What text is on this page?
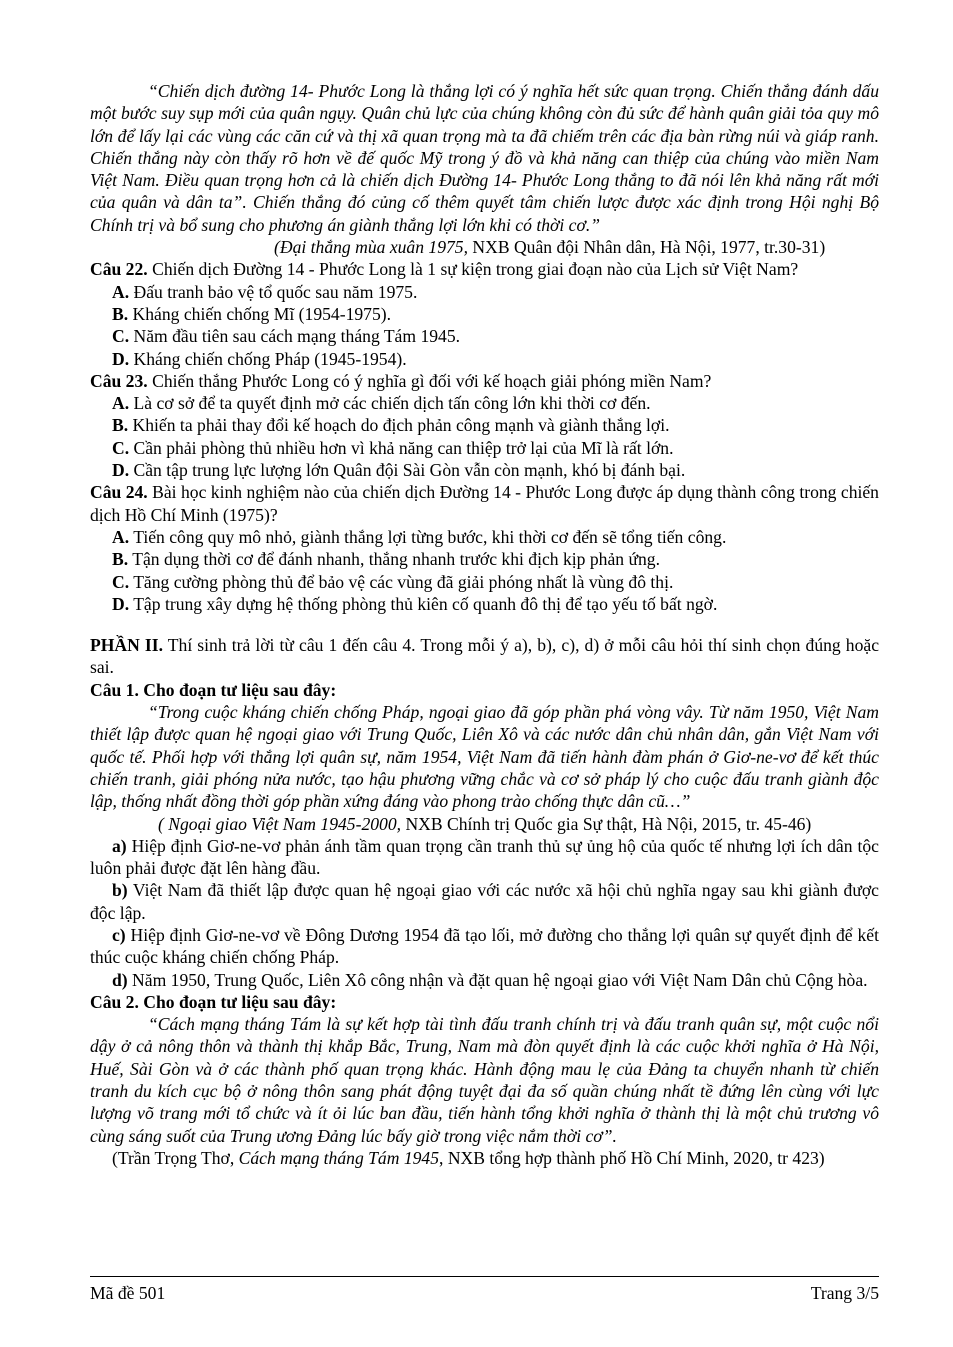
“Chiến dịch đường 14- Phước Long là thắng lợi có ý nghĩa hết sức quan trọng. Chiến thắng đánh dấu một bước suy sụp mới của quân ngụy. Quân chủ lực của chúng không còn đủ sức để hành quân giải tỏa quy mô lớn để lấy lại các vùng các căn cứ và thị xã quan trọng mà ta đã chiếm trên các địa bàn rừng núi và giáp ranh. Chiến thắng này còn thấy rõ hơn về đế quốc Mỹ trong ý đồ và khả năng can thiệp của chúng vào miền Nam Việt Nam. Điều quan trọng hơn cả là chiến dịch Đường 14- Phước Long thắng to đã nói lên khả năng rất mới của quân và dân ta”. Chiến thắng đó củng cố thêm quyết tâm chiến lược được xác định trong Hội nghị Bộ Chính trị và bổ sung cho phương án giành thắng lợi lớn khi có thời cơ.”

(Đại thắng mùa xuân 1975, NXB Quân đội Nhân dân, Hà Nội, 1977, tr.30-31)

Câu 22. Chiến dịch Đường 14 - Phước Long là 1 sự kiện trong giai đoạn nào của Lịch sử Việt Nam?

A. Đấu tranh bảo vệ tổ quốc sau năm 1975.

B. Kháng chiến chống Mĩ (1954-1975).

C. Năm đầu tiên sau cách mạng tháng Tám 1945.

D. Kháng chiến chống Pháp (1945-1954).

Câu 23. Chiến thắng Phước Long có ý nghĩa gì đối với kế hoạch giải phóng miền Nam?

A. Là cơ sở để ta quyết định mở các chiến dịch tấn công lớn khi thời cơ đến.

B. Khiến ta phải thay đổi kế hoạch do địch phản công mạnh và giành thắng lợi.

C. Cần phải phòng thủ nhiều hơn vì khả năng can thiệp trở lại của Mĩ là rất lớn.

D. Cần tập trung lực lượng lớn Quân đội Sài Gòn vẫn còn mạnh, khó bị đánh bại.

Câu 24. Bài học kinh nghiệm nào của chiến dịch Đường 14 - Phước Long được áp dụng thành công trong chiến dịch Hồ Chí Minh (1975)?

A. Tiến công quy mô nhỏ, giành thắng lợi từng bước, khi thời cơ đến sẽ tổng tiến công.

B. Tận dụng thời cơ để đánh nhanh, thắng nhanh trước khi địch kịp phản ứng.

C. Tăng cường phòng thủ để bảo vệ các vùng đã giải phóng nhất là vùng đô thị.

D. Tập trung xây dựng hệ thống phòng thủ kiên cố quanh đô thị để tạo yếu tố bất ngờ.

PHẦN II. Thí sinh trả lời từ câu 1 đến câu 4. Trong mỗi ý a), b), c), d) ở mỗi câu hỏi thí sinh chọn đúng hoặc sai.

Câu 1. Cho đoạn tư liệu sau đây:

“Trong cuộc kháng chiến chống Pháp, ngoại giao đã góp phần phá vòng vây. Từ năm 1950, Việt Nam thiết lập được quan hệ ngoại giao với Trung Quốc, Liên Xô và các nước dân chủ nhân dân, gắn Việt Nam với quốc tế. Phối hợp với thắng lợi quân sự, năm 1954, Việt Nam đã tiến hành đàm phán ở Giơ-ne-vơ để kết thúc chiến tranh, giải phóng nửa nước, tạo hậu phương vững chắc và cơ sở pháp lý cho cuộc đấu tranh giành độc lập, thống nhất đồng thời góp phần xứng đáng vào phong trào chống thực dân cũ…”

( Ngoại giao Việt Nam 1945-2000, NXB Chính trị Quốc gia Sự thật, Hà Nội, 2015, tr. 45-46)

a) Hiệp định Giơ-ne-vơ phản ánh tầm quan trọng cần tranh thủ sự ủng hộ của quốc tế nhưng lợi ích dân tộc luôn phải được đặt lên hàng đầu.

b) Việt Nam đã thiết lập được quan hệ ngoại giao với các nước xã hội chủ nghĩa ngay sau khi giành được độc lập.

c) Hiệp định Giơ-ne-vơ về Đông Dương 1954 đã tạo lối, mở đường cho thắng lợi quân sự quyết định để kết thúc cuộc kháng chiến chống Pháp.

d) Năm 1950, Trung Quốc, Liên Xô công nhận và đặt quan hệ ngoại giao với Việt Nam Dân chủ Cộng hòa.

Câu 2. Cho đoạn tư liệu sau đây:

“Cách mạng tháng Tám là sự kết hợp tài tình đấu tranh chính trị và đấu tranh quân sự, một cuộc nổi dậy ở cả nông thôn và thành thị khắp Bắc, Trung, Nam mà đòn quyết định là các cuộc khởi nghĩa ở Hà Nội, Huế, Sài Gòn và ở các thành phố quan trọng khác. Hành động mau lẹ của Đảng ta chuyển nhanh từ chiến tranh du kích cục bộ ở nông thôn sang phát động tuyệt đại đa số quần chúng nhất tề đứng lên cùng với lực lượng võ trang mới tổ chức và ít ỏi lúc ban đầu, tiến hành tổng khởi nghĩa ở thành thị là một chủ trương vô cùng sáng suốt của Trung ương Đảng lúc bấy giờ trong việc nắm thời cơ”.

(Trần Trọng Thơ, Cách mạng tháng Tám 1945, NXB tổng hợp thành phố Hồ Chí Minh, 2020, tr 423)

Mã đề 501	Trang 3/5
